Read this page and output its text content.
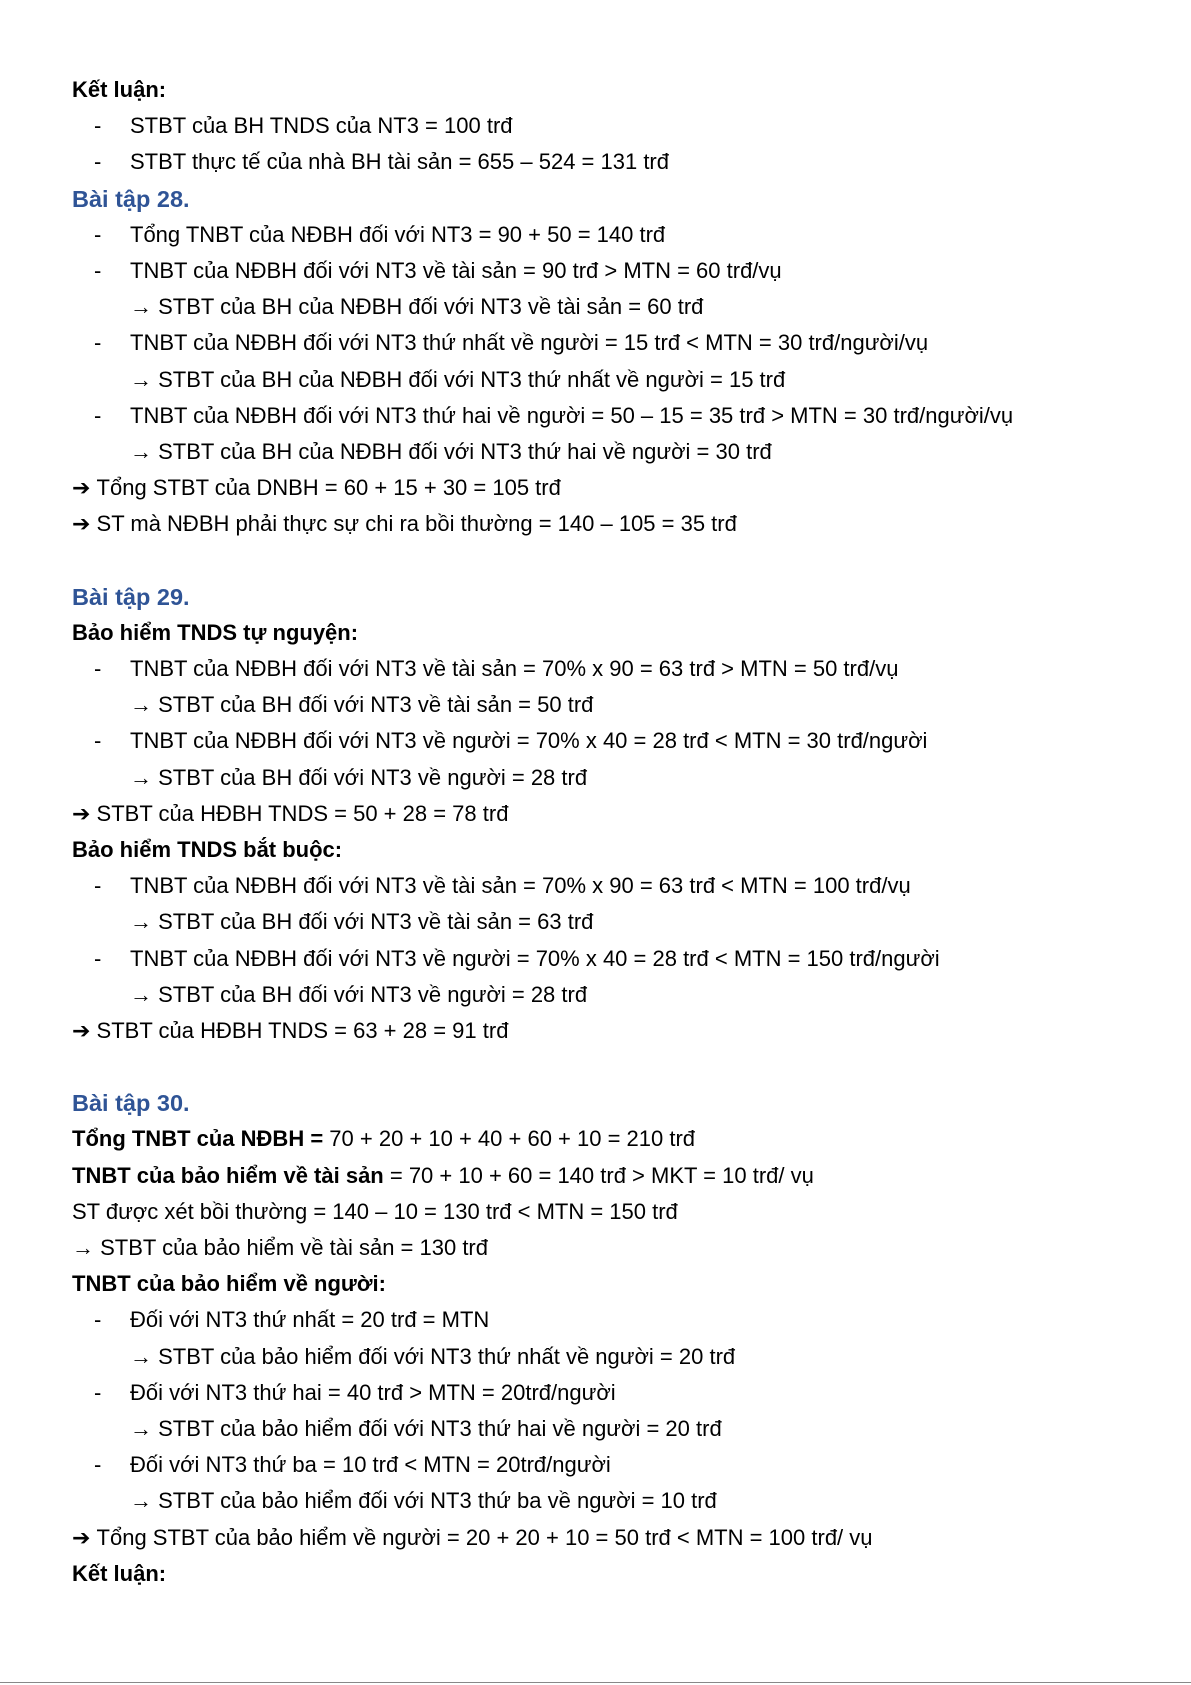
Kết luận:
- STBT của BH TNDS của NT3 = 100 trđ
- STBT thực tế của nhà BH tài sản = 655 – 524 = 131 trđ
Bài tập 28.
- Tổng TNBT của NĐBH đối với NT3 = 90 + 50 = 140 trđ
- TNBT của NĐBH đối với NT3 về tài sản = 90 trđ > MTN = 60 trđ/vụ
→ STBT của BH của NĐBH đối với NT3 về tài sản = 60 trđ
- TNBT của NĐBH đối với NT3 thứ nhất về người = 15 trđ < MTN = 30 trđ/người/vụ
→ STBT của BH của NĐBH đối với NT3 thứ nhất về người = 15 trđ
- TNBT của NĐBH đối với NT3 thứ hai về người = 50 – 15 = 35 trđ > MTN = 30 trđ/người/vụ
→ STBT của BH của NĐBH đối với NT3 thứ hai về người = 30 trđ
➔ Tổng STBT của DNBH = 60 + 15 + 30 = 105 trđ
➔ ST mà NĐBH phải thực sự chi ra bồi thường = 140 – 105 = 35 trđ
Bài tập 29.
Bảo hiểm TNDS tự nguyện:
- TNBT của NĐBH đối với NT3 về tài sản = 70% x 90 = 63 trđ > MTN = 50 trđ/vụ
→ STBT của BH đối với NT3 về tài sản = 50 trđ
- TNBT của NĐBH đối với NT3 về người = 70% x 40 = 28 trđ < MTN = 30 trđ/người
→ STBT của BH đối với NT3 về người = 28 trđ
➔ STBT của HĐBH TNDS = 50 + 28 = 78 trđ
Bảo hiểm TNDS bắt buộc:
- TNBT của NĐBH đối với NT3 về tài sản = 70% x 90 = 63 trđ < MTN = 100 trđ/vụ
→ STBT của BH đối với NT3 về tài sản = 63 trđ
- TNBT của NĐBH đối với NT3 về người = 70% x 40 = 28 trđ < MTN = 150 trđ/người
→ STBT của BH đối với NT3 về người = 28 trđ
➔ STBT của HĐBH TNDS = 63 + 28 = 91 trđ
Bài tập 30.
Tổng TNBT của NĐBH = 70 + 20 + 10 + 40 + 60 + 10 = 210 trđ
TNBT của bảo hiểm về tài sản = 70 + 10 + 60 = 140 trđ > MKT = 10 trđ/ vụ
ST được xét bồi thường = 140 – 10 = 130 trđ < MTN = 150 trđ
→ STBT của bảo hiểm về tài sản = 130 trđ
TNBT của bảo hiểm về người:
- Đối với NT3 thứ nhất = 20 trđ = MTN
→ STBT của bảo hiểm đối với NT3 thứ nhất về người = 20 trđ
- Đối với NT3 thứ hai = 40 trđ > MTN = 20trđ/người
→ STBT của bảo hiểm đối với NT3 thứ hai về người = 20 trđ
- Đối với NT3 thứ ba = 10 trđ < MTN = 20trđ/người
→ STBT của bảo hiểm đối với NT3 thứ ba về người = 10 trđ
➔ Tổng STBT của bảo hiểm về người = 20 + 20 + 10 = 50 trđ < MTN = 100 trđ/ vụ
Kết luận:
